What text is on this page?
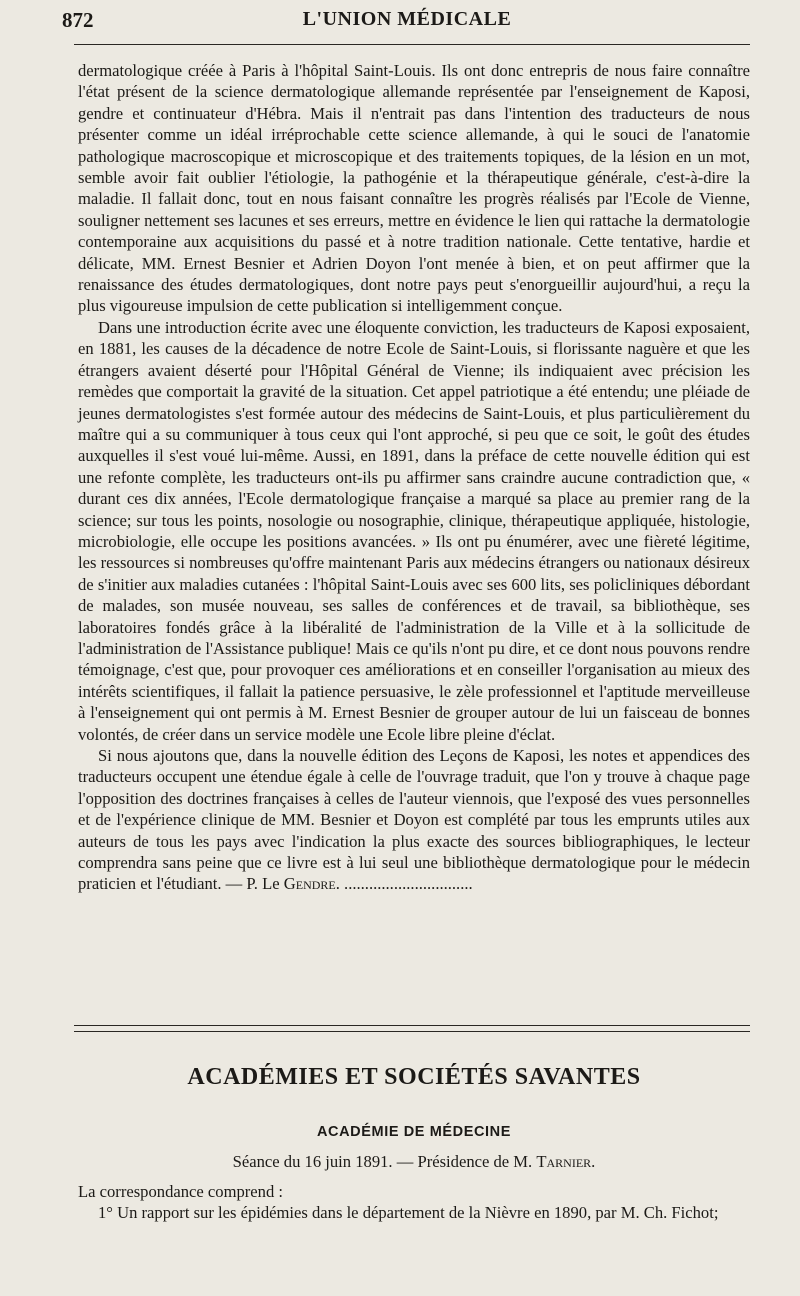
872	L'UNION MÉDICALE

dermatologique créée à Paris à l'hôpital Saint-Louis. Ils ont donc entrepris de nous faire connaître l'état présent de la science dermatologique allemande représentée par l'enseignement de Kaposi, gendre et continuateur d'Hébra. Mais il n'entrait pas dans l'intention des traducteurs de nous présenter comme un idéal irréprochable cette science allemande, à qui le souci de l'anatomie pathologique macroscopique et microscopique et des traitements topiques, de la lésion en un mot, semble avoir fait oublier l'étiologie, la pathogénie et la thérapeutique générale, c'est-à-dire la maladie. Il fallait donc, tout en nous faisant connaître les progrès réalisés par l'Ecole de Vienne, souligner nettement ses lacunes et ses erreurs, mettre en évidence le lien qui rattache la dermatologie contemporaine aux acquisitions du passé et à notre tradition nationale. Cette tentative, hardie et délicate, MM. Ernest Besnier et Adrien Doyon l'ont menée à bien, et on peut affirmer que la renaissance des études dermatologiques, dont notre pays peut s'enorgueillir aujourd'hui, a reçu la plus vigoureuse impulsion de cette publication si intelligemment conçue.

Dans une introduction écrite avec une éloquente conviction, les traducteurs de Kaposi exposaient, en 1881, les causes de la décadence de notre Ecole de Saint-Louis, si florissante naguère et que les étrangers avaient déserté pour l'Hôpital Général de Vienne; ils indiquaient avec précision les remèdes que comportait la gravité de la situation. Cet appel patriotique a été entendu; une pléiade de jeunes dermatologistes s'est formée autour des médecins de Saint-Louis, et plus particulièrement du maître qui a su communiquer à tous ceux qui l'ont approché, si peu que ce soit, le goût des études auxquelles il s'est voué lui-même. Aussi, en 1891, dans la préface de cette nouvelle édition qui est une refonte complète, les traducteurs ont-ils pu affirmer sans craindre aucune contradiction que, « durant ces dix années, l'Ecole dermatologique française a marqué sa place au premier rang de la science; sur tous les points, nosologie ou nosographie, clinique, thérapeutique appliquée, histologie, microbiologie, elle occupe les positions avancées. » Ils ont pu énumérer, avec une fièreté légitime, les ressources si nombreuses qu'offre maintenant Paris aux médecins étrangers ou nationaux désireux de s'initier aux maladies cutanées : l'hôpital Saint-Louis avec ses 600 lits, ses policliniques débordant de malades, son musée nouveau, ses salles de conférences et de travail, sa bibliothèque, ses laboratoires fondés grâce à la libéralité de l'administration de la Ville et à la sollicitude de l'administration de l'Assistance publique! Mais ce qu'ils n'ont pu dire, et ce dont nous pouvons rendre témoignage, c'est que, pour provoquer ces améliorations et en conseiller l'organisation au mieux des intérêts scientifiques, il fallait la patience persuasive, le zèle professionnel et l'aptitude merveilleuse à l'enseignement qui ont permis à M. Ernest Besnier de grouper autour de lui un faisceau de bonnes volontés, de créer dans un service modèle une Ecole libre pleine d'éclat.

Si nous ajoutons que, dans la nouvelle édition des Leçons de Kaposi, les notes et appendices des traducteurs occupent une étendue égale à celle de l'ouvrage traduit, que l'on y trouve à chaque page l'opposition des doctrines françaises à celles de l'auteur viennois, que l'exposé des vues personnelles et de l'expérience clinique de MM. Besnier et Doyon est complété par tous les emprunts utiles aux auteurs de tous les pays avec l'indication la plus exacte des sources bibliographiques, le lecteur comprendra sans peine que ce livre est à lui seul une bibliothèque dermatologique pour le médecin praticien et l'étudiant. — P. Le Gendre. ...............................

ACADÉMIES ET SOCIÉTÉS SAVANTES
ACADÉMIE DE MÉDECINE
Séance du 16 juin 1891. — Présidence de M. Tarnier.

La correspondance comprend :

1° Un rapport sur les épidémies dans le département de la Nièvre en 1890, par M. Ch. Fichot;
